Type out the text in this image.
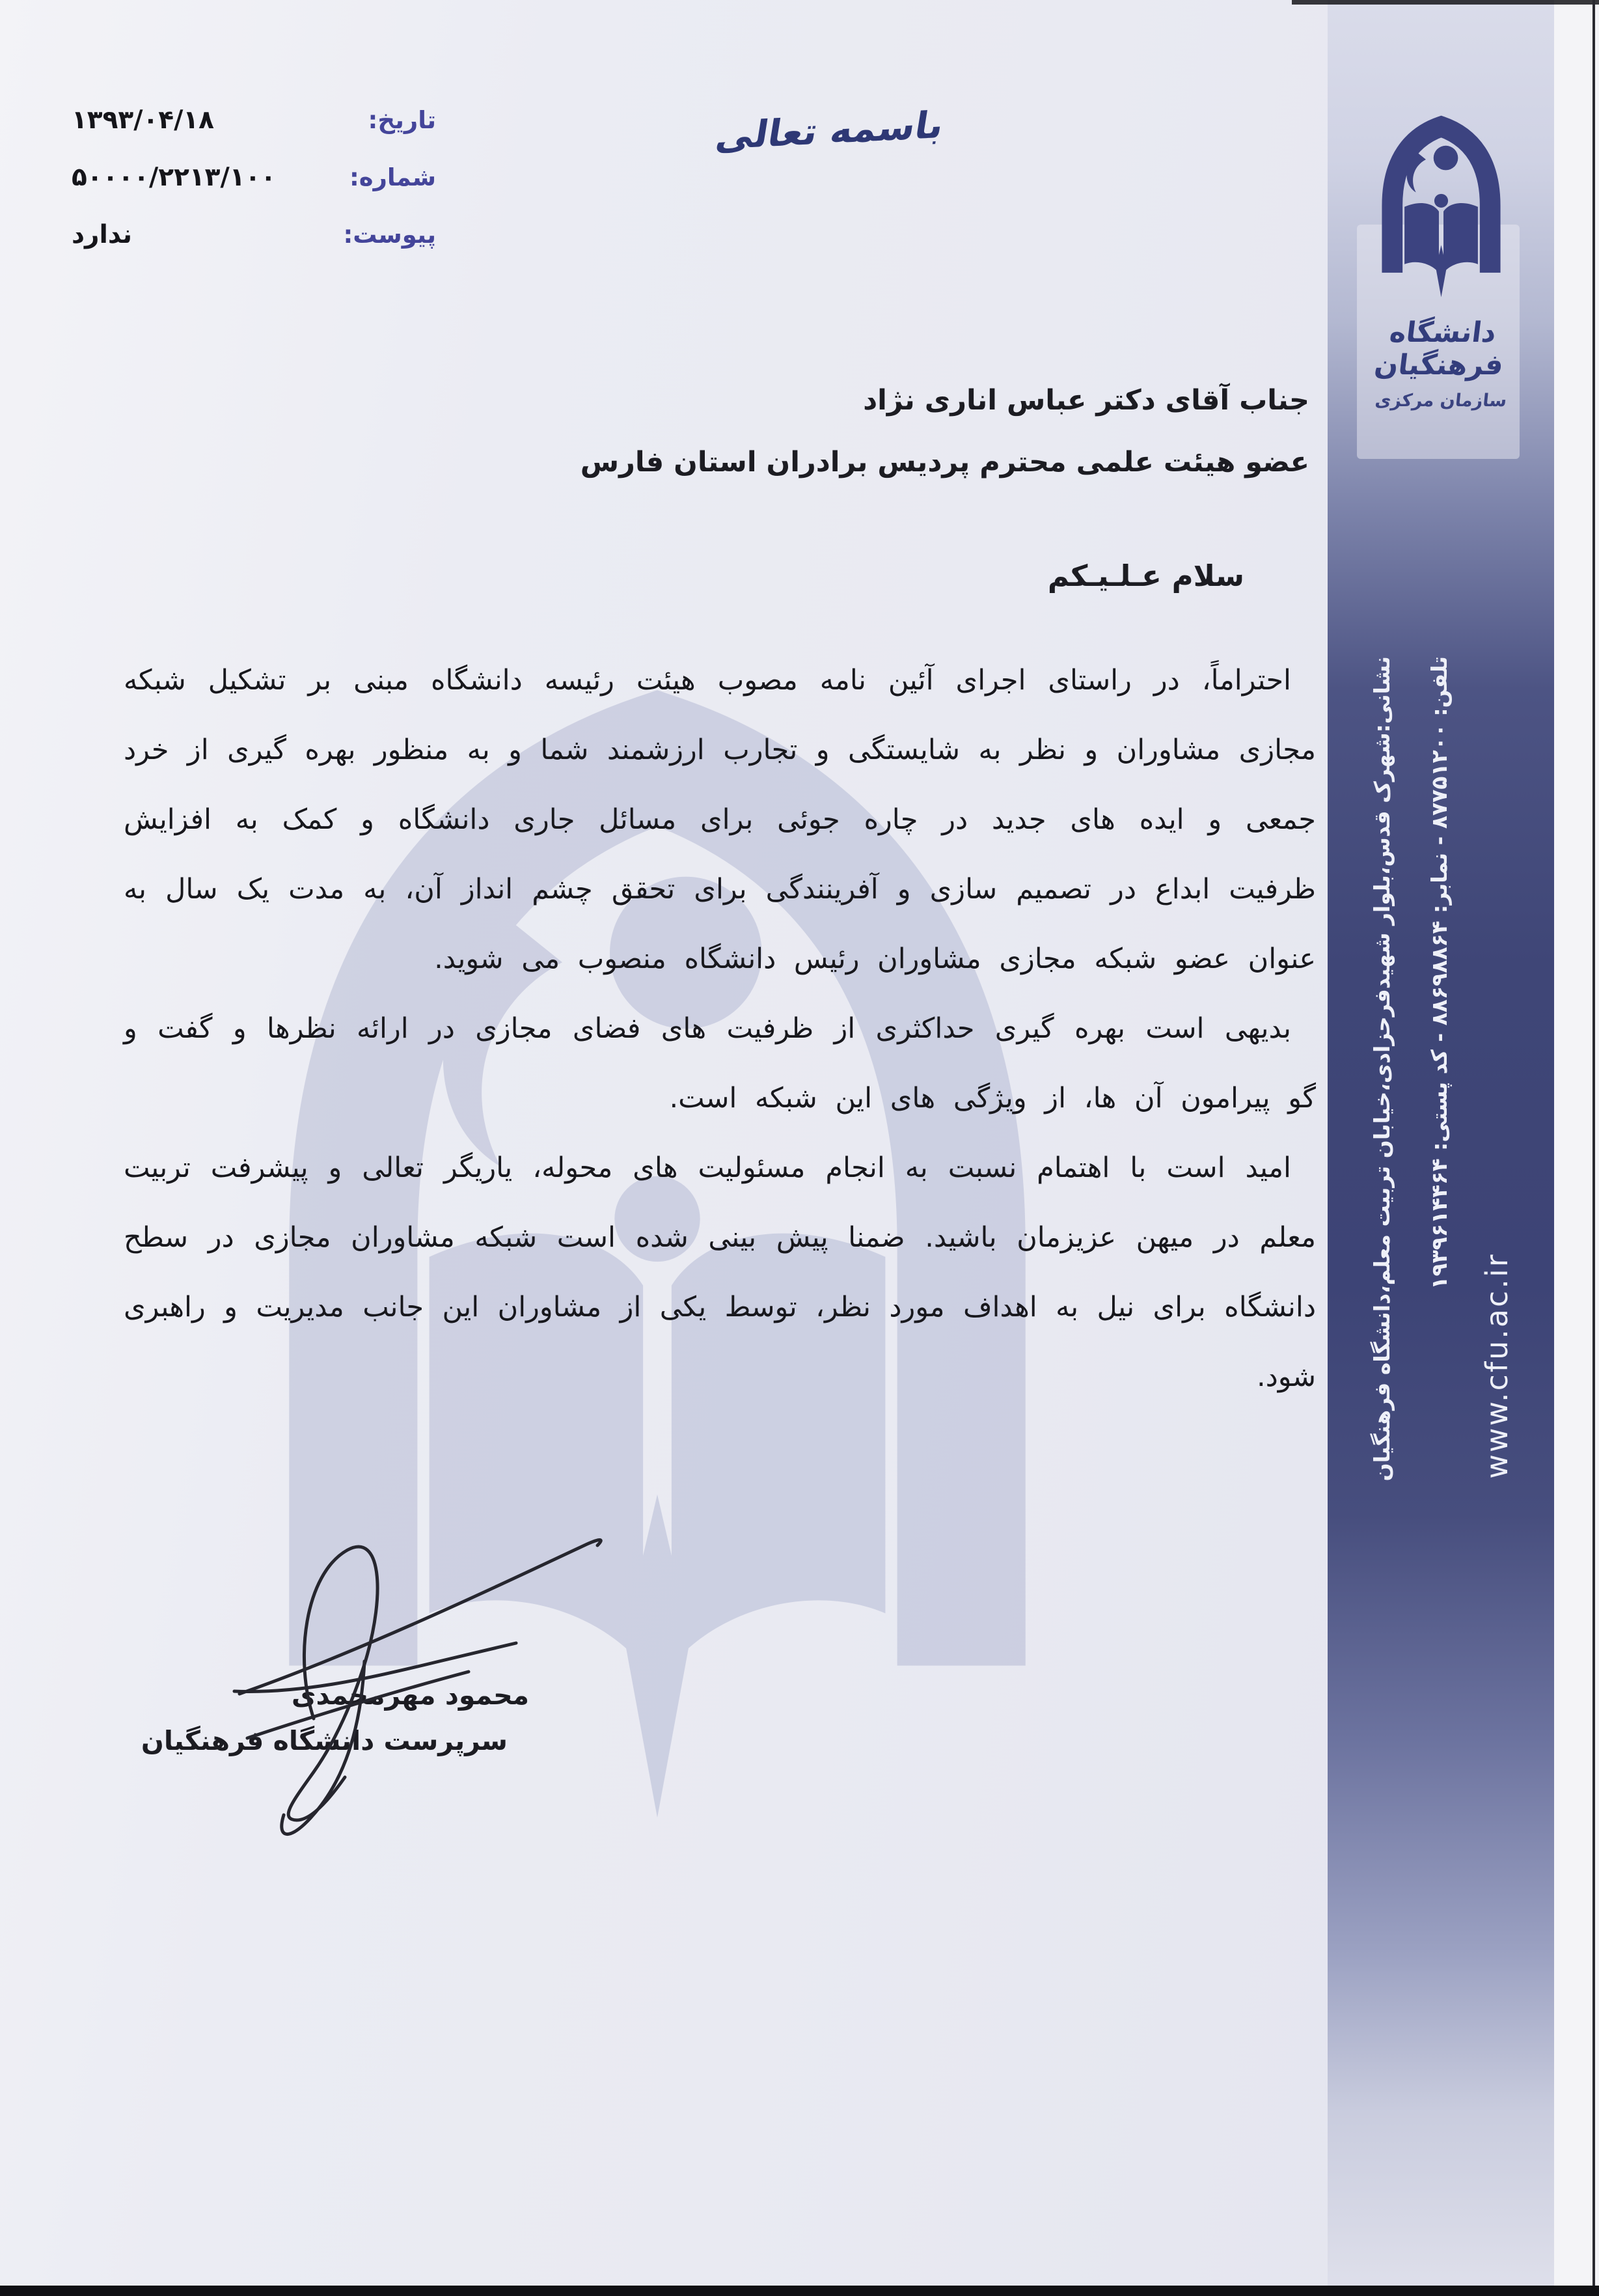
دانشگاه فرهنگیان
سازمان مرکزی
نشانی:شهرک قدس،بلوار شهیدفرحزادی،خیابان تربیت معلم،دانشگاه فرهنگیان	تلفن: ۸۷۷۵۱۲۰۰ - نمابر: ۸۸۶۹۸۸۶۴ - کد پستی: ۱۹۳۹۶۱۴۴۶۴
www.cfu.ac.ir
تاریخ:
۱۳۹۳/۰۴/۱۸
شماره:
۵۰۰۰۰/۲۲۱۳/۱۰۰
پیوست:
ندارد
باسمه تعالی
جناب آقای دکتر عباس اناری نژاد
عضو هیئت علمی محترم پردیس برادران استان فارس
سلام عـلـیـکم

احتراماً، در راستای اجرای آئین نامه مصوب هیئت رئیسه دانشگاه مبنی بر تشکیل شبکه مجازی مشاوران و نظر به شایستگی و تجارب ارزشمند شما و به منظور بهره گیری از خرد جمعی و ایده های جدید در چاره جوئی برای مسائل جاری دانشگاه و کمک به افزایش ظرفیت ابداع در تصمیم سازی و آفرینندگی برای تحقق چشم انداز آن، به مدت یک سال به عنوان عضو شبکه مجازی مشاوران رئیس دانشگاه منصوب می شوید.

بدیهی است بهره گیری حداکثری از ظرفیت های فضای مجازی در ارائه نظرها و گفت و گو پیرامون آن ها، از ویژگی های این شبکه است.

امید است با اهتمام نسبت به انجام مسئولیت های محوله، یاریگر تعالی و پیشرفت تربیت معلم در میهن عزیزمان باشید. ضمنا پیش بینی شده است شبکه مشاوران مجازی در سطح دانشگاه برای نیل به اهداف مورد نظر، توسط یکی از مشاوران این جانب مدیریت و راهبری شود.

محمود مهرمحمدی
سرپرست دانشگاه فرهنگیان
